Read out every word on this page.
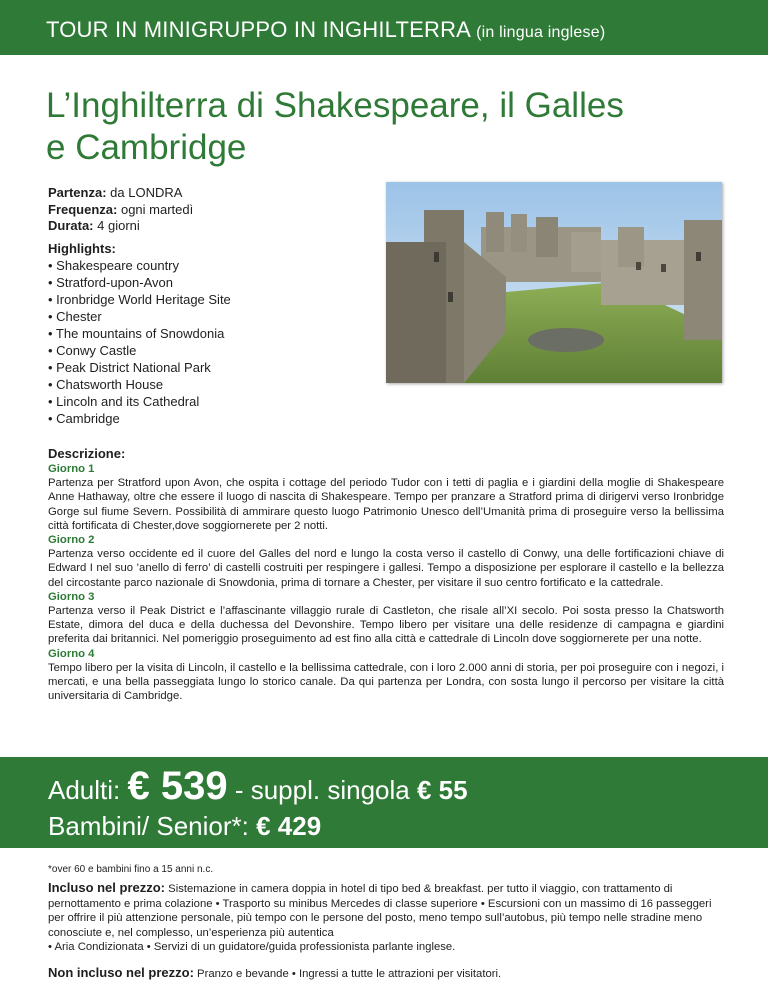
TOUR IN MINIGRUPPO IN INGHILTERRA (in lingua inglese)
L’Inghilterra di Shakespeare, il Galles
e Cambridge
Partenza: da LONDRA
Frequenza: ogni martedì
Durata: 4 giorni
Highlights:
• Shakespeare country
• Stratford-upon-Avon
• Ironbridge World Heritage Site
• Chester
• The mountains of Snowdonia
• Conwy Castle
• Peak District National Park
• Chatsworth House
• Lincoln and its Cathedral
• Cambridge
Descrizione:
Giorno 1

Partenza per Stratford upon Avon, che ospita i cottage del periodo Tudor con i tetti di paglia e i giardini della moglie di Shakespeare Anne Hathaway, oltre che essere il luogo di nascita di Shakespeare. Tempo per pranzare a Stratford prima di dirigervi verso Ironbridge Gorge sul fiume Severn. Possibilità di ammirare questo luogo Patrimonio Unesco dell’Umanità prima di proseguire verso la bellissima città fortificata di Chester,dove soggiornerete per 2 notti.

Giorno 2

Partenza verso occidente ed il cuore del Galles del nord e lungo la costa verso il castello di Conwy, una delle fortificazioni chiave di Edward I nel suo ’anello di ferro’ di castelli costruiti per respingere i gallesi. Tempo a disposizione per esplorare il castello e la bellezza del circostante parco nazionale di Snowdonia, prima di tornare a Chester, per visitare il suo centro fortificato e la cattedrale.

Giorno 3

Partenza verso il Peak District e l’affascinante villaggio rurale di Castleton, che risale all’XI secolo. Poi sosta presso la Chatsworth Estate, dimora del duca e della duchessa del Devonshire. Tempo libero per visitare una delle residenze di campagna e giardini preferita dai britannici. Nel pomeriggio proseguimento ad est fino alla città e cattedrale di Lincoln dove soggiornerete per una notte.

Giorno 4

Tempo libero per la visita di Lincoln, il castello e la bellissima cattedrale, con i loro 2.000 anni di storia, per poi proseguire con i negozi, i mercati, e una bella passeggiata lungo lo storico canale. Da qui partenza per Londra, con sosta lungo il percorso per visitare la città universitaria di Cambridge.

Adulti: € 539 - suppl. singola € 55
Bambini/ Senior*: € 429
*over 60 e bambini fino a 15 anni n.c.
Incluso nel prezzo: Sistemazione in camera doppia in hotel di tipo bed & breakfast. per tutto il viaggio, con trattamento di pernottamento e prima colazione • Trasporto su minibus Mercedes di classe superiore • Escursioni con un massimo di 16 passeggeri per offrire il più attenzione personale, più tempo con le persone del posto, meno tempo sull’autobus, più tempo nelle stradine meno conosciute e, nel complesso, un’esperienza più autentica
• Aria Condizionata • Servizi di un guidatore/guida professionista parlante inglese.
Non incluso nel prezzo: Pranzo e bevande • Ingressi a tutte le attrazioni per visitatori.
